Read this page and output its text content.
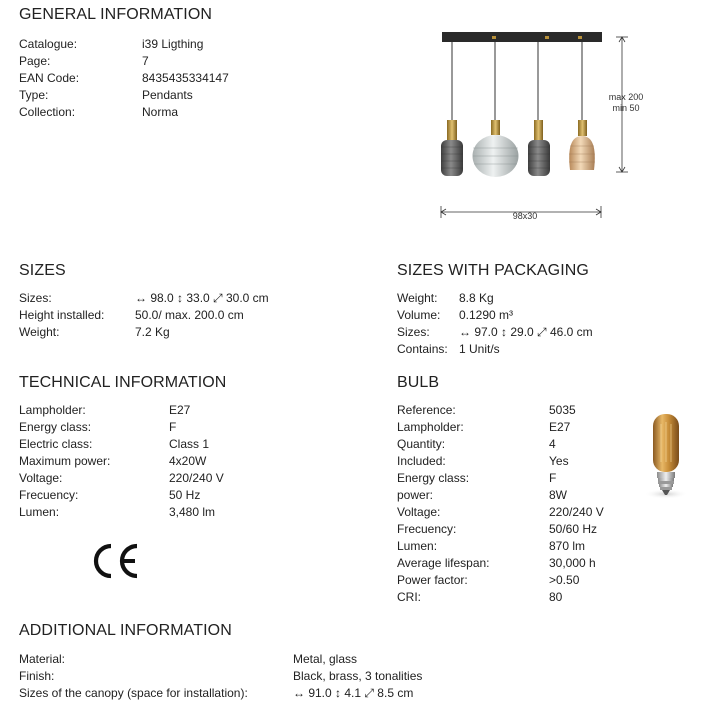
GENERAL INFORMATION
Catalogue:	i39 Ligthing
Page:	7
EAN Code:	8435435334147
Type:	Pendants
Collection:	Norma
max 200
min 50
98x30
SIZES
Sizes:	↔ 98.0 ↕ 33.0 ⤢ 30.0 cm
Height installed:	50.0/ max. 200.0 cm
Weight:	7.2 Kg
SIZES WITH PACKAGING
Weight: 8.8 Kg
Volume: 0.1290 m³
Sizes: ↔ 97.0 ↕ 29.0 ⤢ 46.0 cm
Contains: 1 Unit/s
TECHNICAL INFORMATION
Lampholder:	E27
Energy class:	F
Electric class:	Class 1
Maximum power:	4x20W
Voltage:	220/240 V
Frecuency:	50 Hz
Lumen:	3,480 lm
BULB
Reference:	5035
Lampholder:	E27
Quantity:	4
Included:	Yes
Energy class:	F
power:	8W
Voltage:	220/240 V
Frecuency:	50/60 Hz
Lumen:	870 lm
Average lifespan:	30,000 h
Power factor:	>0.50
CRI:	80
ADDITIONAL INFORMATION
Material:	Metal, glass
Finish:	Black, brass, 3 tonalities
Sizes of the canopy (space for installation):	↔ 91.0 ↕ 4.1 ⤢ 8.5 cm
